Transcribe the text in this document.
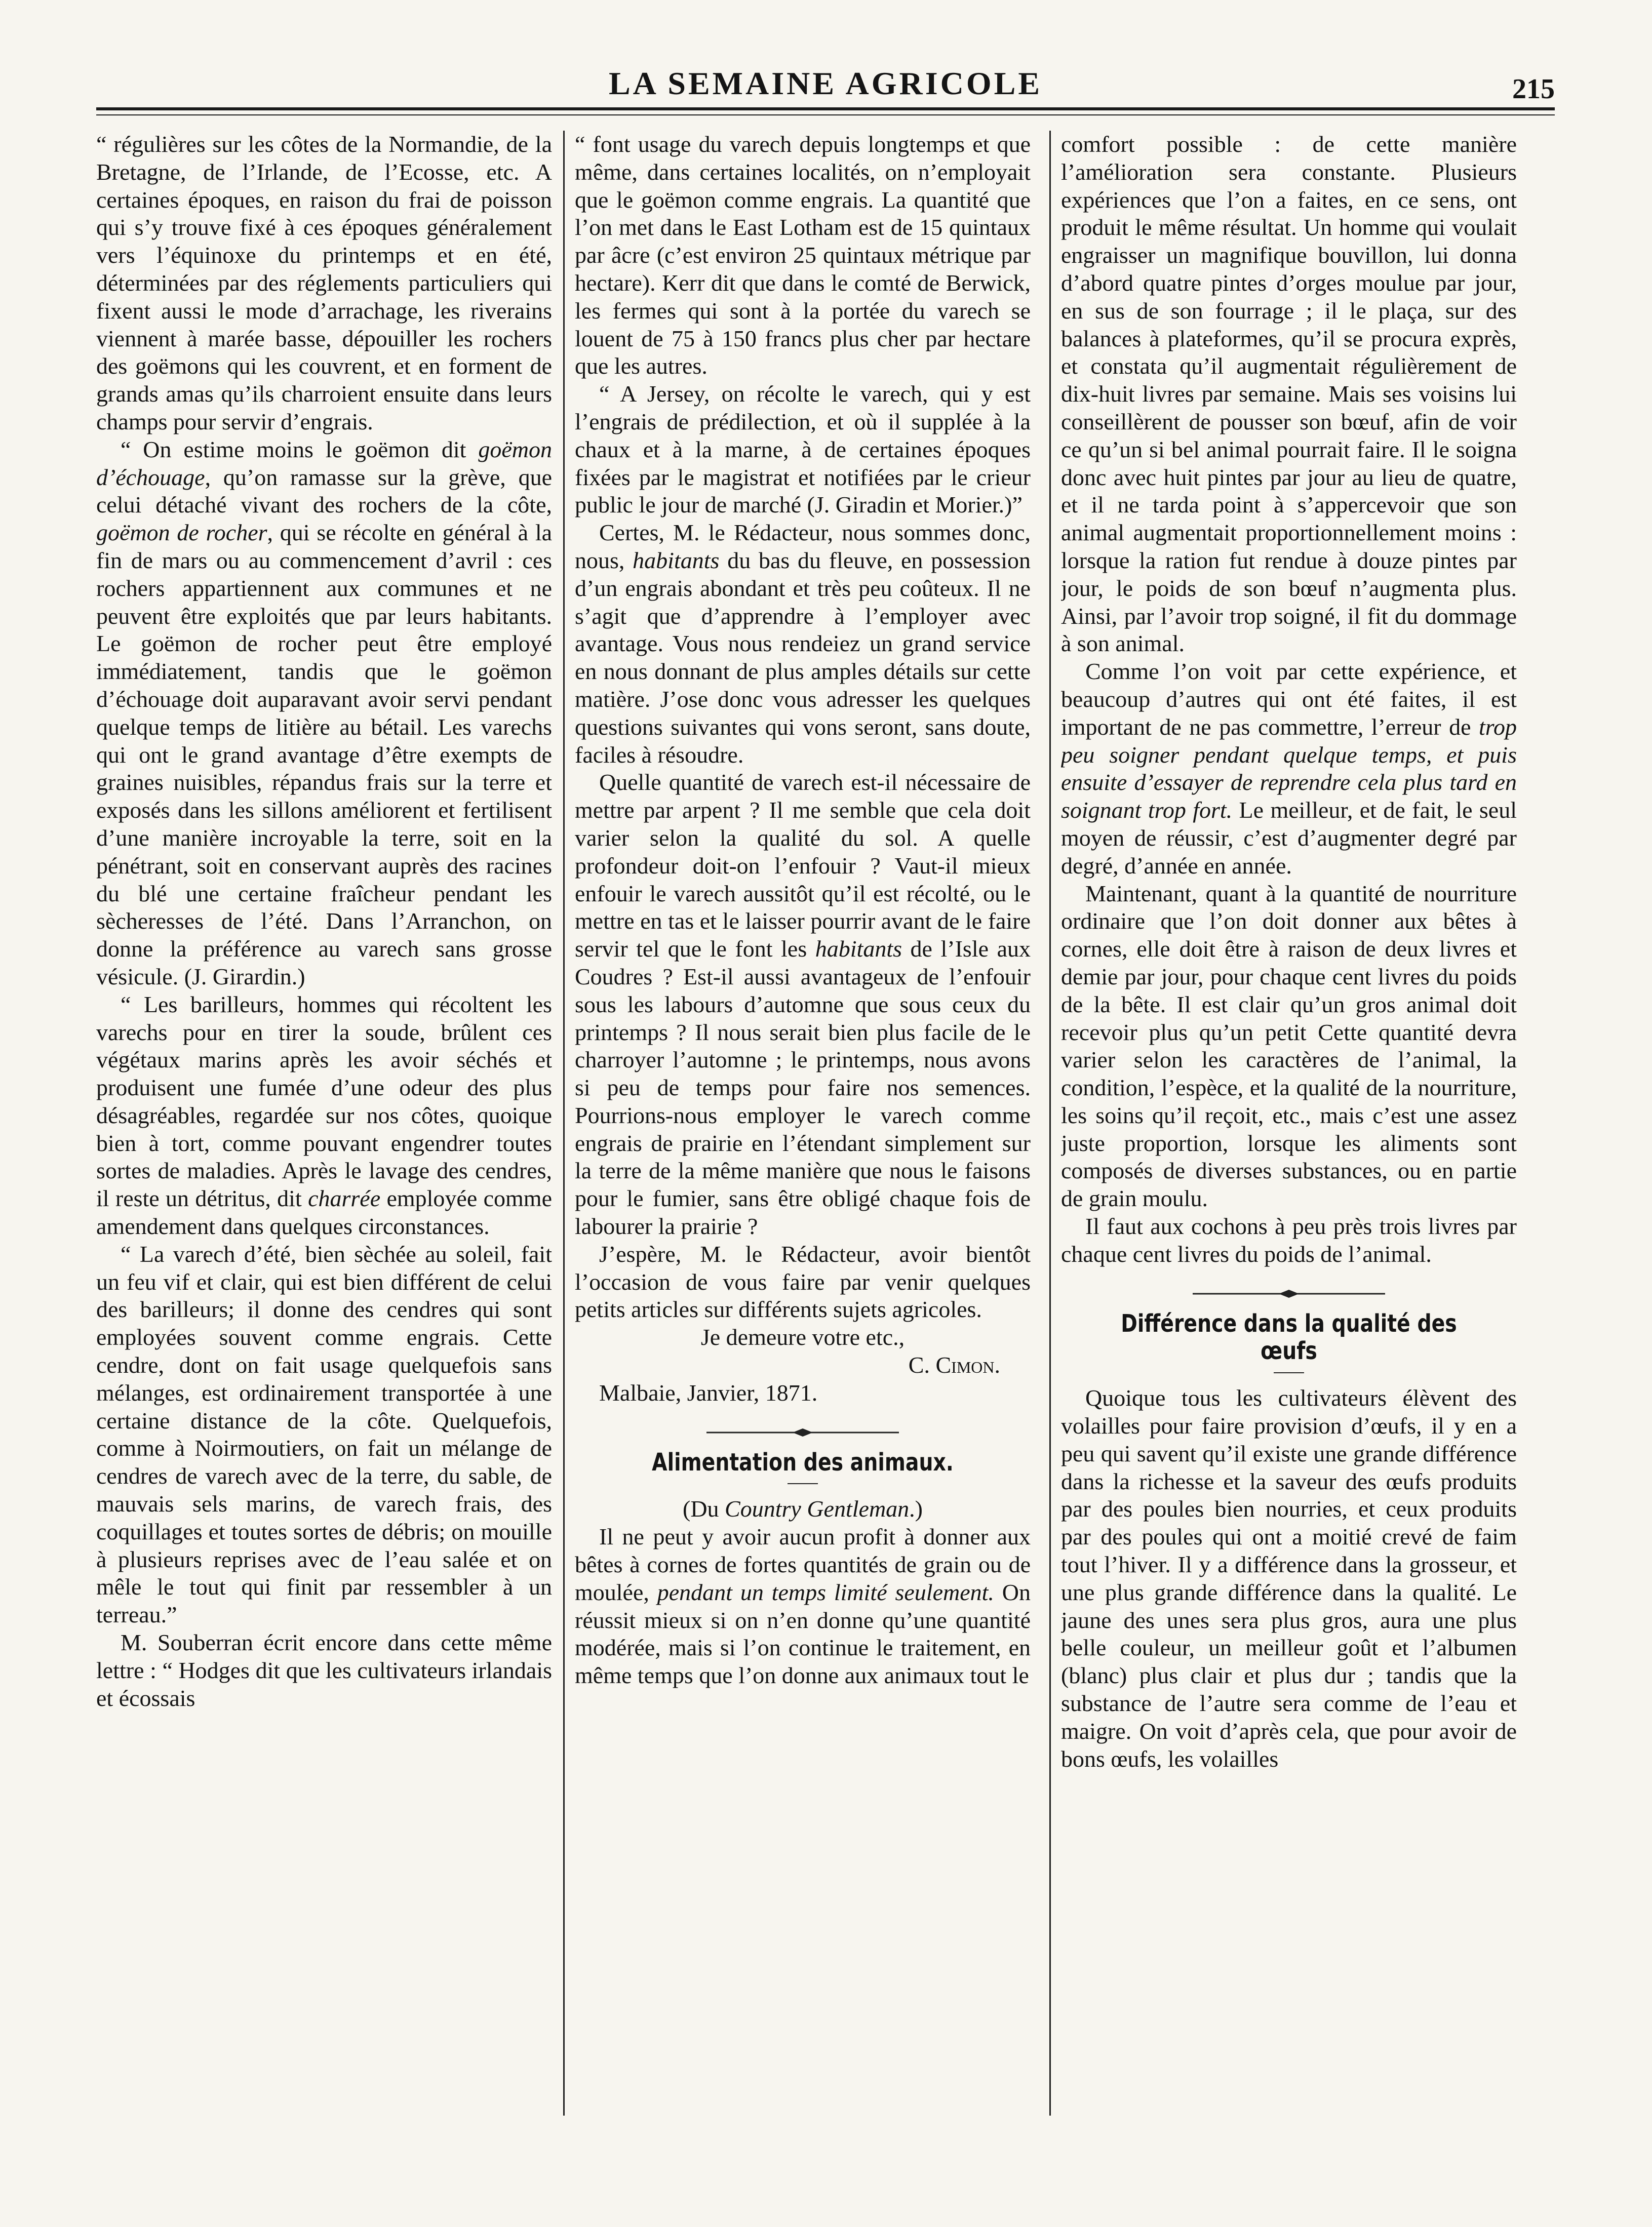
LA SEMAINE AGRICOLE	215

“ régulières sur les côtes de la Normandie, de la Bretagne, de l’Irlande, de l’Ecosse, etc. A certaines époques, en raison du frai de poisson qui s’y trouve fixé à ces époques généralement vers l’équinoxe du printemps et en été, déterminées par des réglements particuliers qui fixent aussi le mode d’arrachage, les riverains viennent à marée basse, dépouiller les rochers des goëmons qui les couvrent, et en forment de grands amas qu’ils charroient ensuite dans leurs champs pour servir d’engrais.

“ On estime moins le goëmon dit goëmon d’échouage, qu’on ramasse sur la grève, que celui détaché vivant des rochers de la côte, goëmon de rocher, qui se récolte en général à la fin de mars ou au commencement d’avril : ces rochers appartiennent aux communes et ne peuvent être exploités que par leurs habitants. Le goëmon de rocher peut être employé immédiatement, tandis que le goëmon d’échouage doit auparavant avoir servi pendant quelque temps de litière au bétail. Les varechs qui ont le grand avantage d’être exempts de graines nuisibles, répandus frais sur la terre et exposés dans les sillons améliorent et fertilisent d’une manière incroyable la terre, soit en la pénétrant, soit en conservant auprès des racines du blé une certaine fraîcheur pendant les sècheresses de l’été. Dans l’Arranchon, on donne la préférence au varech sans grosse vésicule. (J. Girardin.)

“ Les barilleurs, hommes qui récoltent les varechs pour en tirer la soude, brûlent ces végétaux marins après les avoir séchés et produisent une fumée d’une odeur des plus désagréables, regardée sur nos côtes, quoique bien à tort, comme pouvant engendrer toutes sortes de maladies. Après le lavage des cendres, il reste un détritus, dit charrée employée comme amendement dans quelques circonstances.

“ La varech d’été, bien sèchée au soleil, fait un feu vif et clair, qui est bien différent de celui des barilleurs; il donne des cendres qui sont employées souvent comme engrais. Cette cendre, dont on fait usage quelquefois sans mélanges, est ordinairement transportée à une certaine distance de la côte. Quelquefois, comme à Noirmoutiers, on fait un mélange de cendres de varech avec de la terre, du sable, de mauvais sels marins, de varech frais, des coquillages et toutes sortes de débris; on mouille à plusieurs reprises avec de l’eau salée et on mêle le tout qui finit par ressembler à un terreau.”

M. Souberran écrit encore dans cette même lettre : “ Hodges dit que les cultivateurs irlandais et écossais

“ font usage du varech depuis longtemps et que même, dans certaines localités, on n’employait que le goëmon comme engrais. La quantité que l’on met dans le East Lotham est de 15 quintaux par âcre (c’est environ 25 quintaux métrique par hectare). Kerr dit que dans le comté de Berwick, les fermes qui sont à la portée du varech se louent de 75 à 150 francs plus cher par hectare que les autres.

“ A Jersey, on récolte le varech, qui y est l’engrais de prédilection, et où il supplée à la chaux et à la marne, à de certaines époques fixées par le magistrat et notifiées par le crieur public le jour de marché (J. Giradin et Morier.)”

Certes, M. le Rédacteur, nous sommes donc, nous, habitants du bas du fleuve, en possession d’un engrais abondant et très peu coûteux. Il ne s’agit que d’apprendre à l’employer avec avantage. Vous nous rendeiez un grand service en nous donnant de plus amples détails sur cette matière. J’ose donc vous adresser les quelques questions suivantes qui vons seront, sans doute, faciles à résoudre.

Quelle quantité de varech est-il nécessaire de mettre par arpent ? Il me semble que cela doit varier selon la qualité du sol. A quelle profondeur doit-on l’enfouir ? Vaut-il mieux enfouir le varech aussitôt qu’il est récolté, ou le mettre en tas et le laisser pourrir avant de le faire servir tel que le font les habitants de l’Isle aux Coudres ? Est-il aussi avantageux de l’enfouir sous les labours d’automne que sous ceux du printemps ? Il nous serait bien plus facile de le charroyer l’automne ; le printemps, nous avons si peu de temps pour faire nos semences. Pourrions-nous employer le varech comme engrais de prairie en l’étendant simplement sur la terre de la même manière que nous le faisons pour le fumier, sans être obligé chaque fois de labourer la prairie ?

J’espère, M. le Rédacteur, avoir bientôt l’occasion de vous faire par venir quelques petits articles sur différents sujets agricoles.

Je demeure votre etc.,

C. Cimon.

Malbaie, Janvier, 1871.

Alimentation des animaux.

(Du Country Gentleman.)

Il ne peut y avoir aucun profit à donner aux bêtes à cornes de fortes quantités de grain ou de moulée, pendant un temps limité seulement. On réussit mieux si on n’en donne qu’une quantité modérée, mais si l’on continue le traitement, en même temps que l’on donne aux animaux tout le

comfort possible : de cette manière l’amélioration sera constante. Plusieurs expériences que l’on a faites, en ce sens, ont produit le même résultat. Un homme qui voulait engraisser un magnifique bouvillon, lui donna d’abord quatre pintes d’orges moulue par jour, en sus de son fourrage ; il le plaça, sur des balances à plateformes, qu’il se procura exprès, et constata qu’il augmentait régulièrement de dix-huit livres par semaine. Mais ses voisins lui conseillèrent de pousser son bœuf, afin de voir ce qu’un si bel animal pourrait faire. Il le soigna donc avec huit pintes par jour au lieu de quatre, et il ne tarda point à s’appercevoir que son animal augmentait proportionnellement moins : lorsque la ration fut rendue à douze pintes par jour, le poids de son bœuf n’augmenta plus. Ainsi, par l’avoir trop soigné, il fit du dommage à son animal.

Comme l’on voit par cette expérience, et beaucoup d’autres qui ont été faites, il est important de ne pas commettre, l’erreur de trop peu soigner pendant quelque temps, et puis ensuite d’essayer de reprendre cela plus tard en soignant trop fort. Le meilleur, et de fait, le seul moyen de réussir, c’est d’augmenter degré par degré, d’année en année.

Maintenant, quant à la quantité de nourriture ordinaire que l’on doit donner aux bêtes à cornes, elle doit être à raison de deux livres et demie par jour, pour chaque cent livres du poids de la bête. Il est clair qu’un gros animal doit recevoir plus qu’un petit Cette quantité devra varier selon les caractères de l’animal, la condition, l’espèce, et la qualité de la nourriture, les soins qu’il reçoit, etc., mais c’est une assez juste proportion, lorsque les aliments sont composés de diverses substances, ou en partie de grain moulu.

Il faut aux cochons à peu près trois livres par chaque cent livres du poids de l’animal.

Différence dans la qualité des œufs

Quoique tous les cultivateurs élèvent des volailles pour faire provision d’œufs, il y en a peu qui savent qu’il existe une grande différence dans la richesse et la saveur des œufs produits par des poules bien nourries, et ceux produits par des poules qui ont a moitié crevé de faim tout l’hiver. Il y a différence dans la grosseur, et une plus grande différence dans la qualité. Le jaune des unes sera plus gros, aura une plus belle couleur, un meilleur goût et l’albumen (blanc) plus clair et plus dur ; tandis que la substance de l’autre sera comme de l’eau et maigre. On voit d’après cela, que pour avoir de bons œufs, les volailles
